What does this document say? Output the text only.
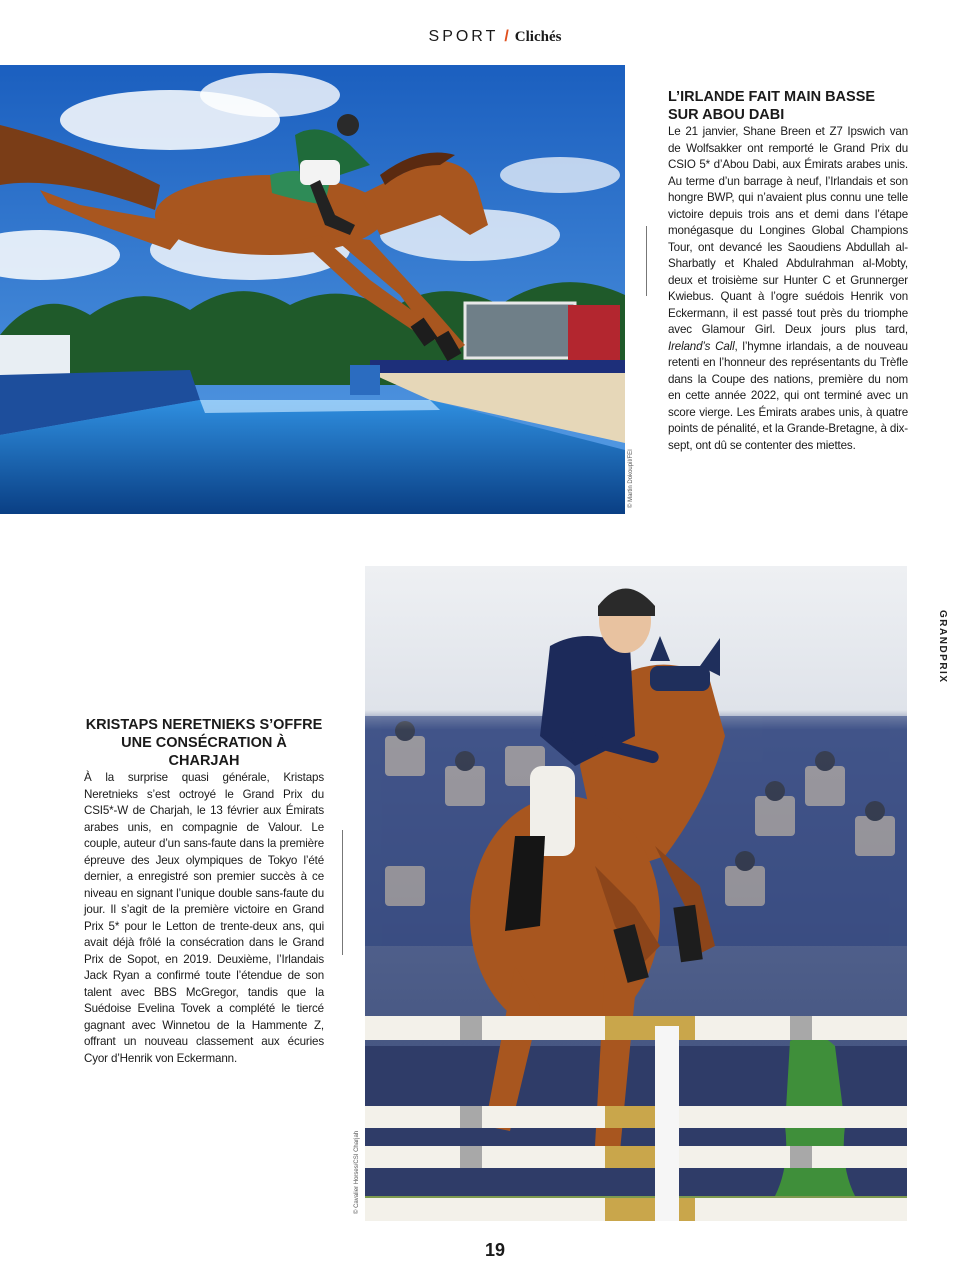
SPORT / Clichés
© Martin Dokoupil/FEI
L’IRLANDE FAIT MAIN BASSE SUR ABOU DABI

Le 21 janvier, Shane Breen et Z7 Ipswich van de Wolfsakker ont remporté le Grand Prix du CSIO 5* d’Abou Dabi, aux Émirats arabes unis. Au terme d’un barrage à neuf, l’Irlandais et son hongre BWP, qui n’avaient plus connu une telle victoire depuis trois ans et demi dans l’étape monégasque du Longines Global Champions Tour, ont devancé les Saoudiens Abdullah al-Sharbatly et Khaled Abdulrahman al-Mobty, deux et troisième sur Hunter C et Grunnerger Kwiebus. Quant à l’ogre suédois Henrik von Eckermann, il est passé tout près du triomphe avec Glamour Girl. Deux jours plus tard, Ireland’s Call, l’hymne irlandais, a de nouveau retenti en l’honneur des représentants du Trèfle dans la Coupe des nations, première du nom en cette année 2022, qui ont terminé avec un score vierge. Les Émirats arabes unis, à quatre points de pénalité, et la Grande-Bretagne, à dix-sept, ont dû se contenter des miettes.

© Cavalier Horses/CSI Charjah
KRISTAPS NERETNIEKS S’OFFRE UNE CONSÉCRATION À CHARJAH

À la surprise quasi générale, Kristaps Neretnieks s’est octroyé le Grand Prix du CSI5*-W de Charjah, le 13 février aux Émirats arabes unis, en compagnie de Valour. Le couple, auteur d’un sans-faute dans la première épreuve des Jeux olympiques de Tokyo l’été dernier, a enregistré son premier succès à ce niveau en signant l’unique double sans-faute du jour. Il s’agit de la première victoire en Grand Prix 5* pour le Letton de trente-deux ans, qui avait déjà frôlé la consécration dans le Grand Prix de Sopot, en 2019. Deuxième, l’Irlandais Jack Ryan a confirmé toute l’étendue de son talent avec BBS McGregor, tandis que la Suédoise Evelina Tovek a complété le tiercé gagnant avec Winnetou de la Hammente Z, offrant un nouveau classement aux écuries Cyor d’Henrik von Eckermann.

GRANDPRIX
19
